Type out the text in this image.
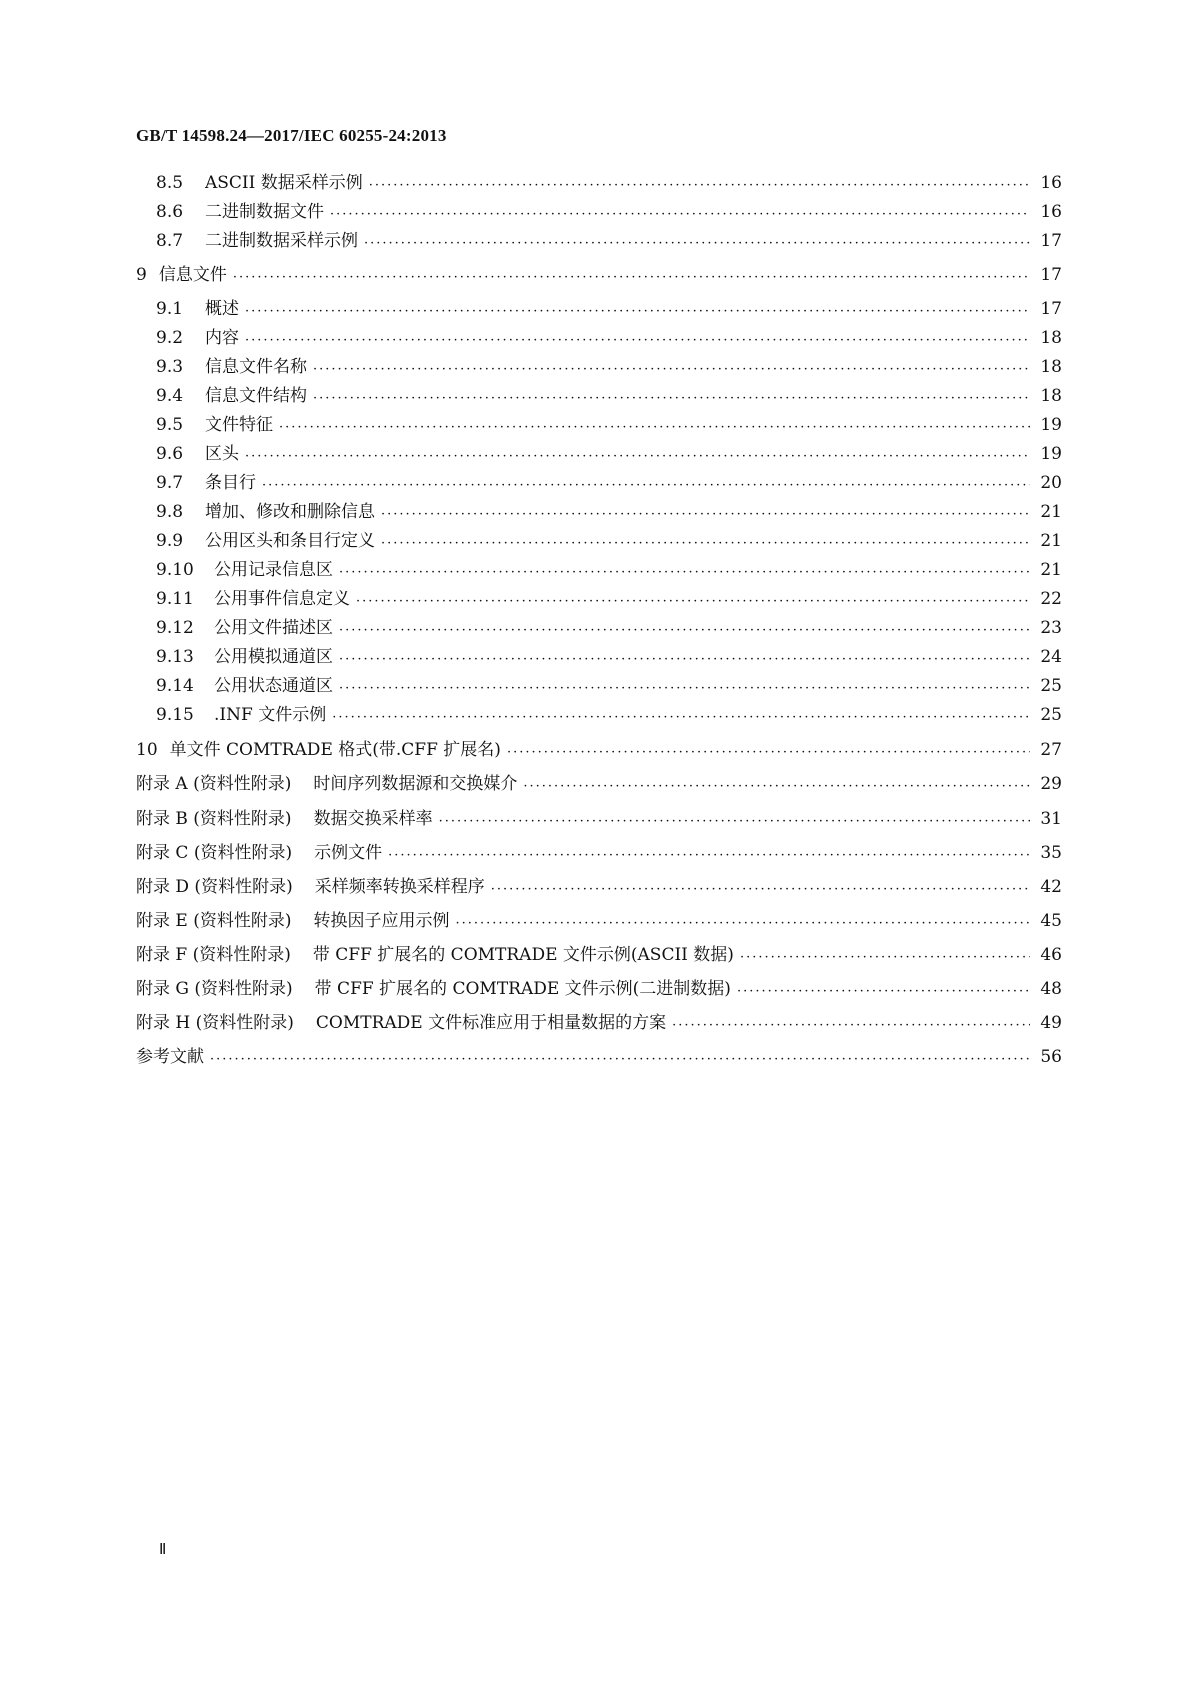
GB/T 14598.24—2017/IEC 60255-24:2013
8.5	ASCII 数据采样示例 ·····	16
8.6	二进制数据文件 ·····	16
8.7	二进制数据采样示例 ·····	17
9 信息文件 ·····	17
9.1	概述 ·····	17
9.2	内容 ·····	18
9.3	信息文件名称 ·····	18
9.4	信息文件结构 ·····	18
9.5	文件特征 ·····	19
9.6	区头 ·····	19
9.7	条目行 ·····	20
9.8	增加、修改和删除信息 ·····	21
9.9	公用区头和条目行定义 ·····	21
9.10	公用记录信息区 ·····	21
9.11	公用事件信息定义 ·····	22
9.12	公用文件描述区 ·····	23
9.13	公用模拟通道区 ·····	24
9.14	公用状态通道区 ·····	25
9.15	.INF 文件示例 ·····	25
10 单文件 COMTRADE 格式(带.CFF 扩展名) ·····	27
附录 A (资料性附录) 时间序列数据源和交换媒介 ·····	29
附录 B (资料性附录) 数据交换采样率 ·····	31
附录 C (资料性附录) 示例文件 ·····	35
附录 D (资料性附录) 采样频率转换采样程序 ·····	42
附录 E (资料性附录) 转换因子应用示例 ·····	45
附录 F (资料性附录) 带 CFF 扩展名的 COMTRADE 文件示例(ASCII 数据) ·····	46
附录 G (资料性附录) 带 CFF 扩展名的 COMTRADE 文件示例(二进制数据) ·····	48
附录 H (资料性附录) COMTRADE 文件标准应用于相量数据的方案 ·····	49
参考文献 ·····	56
Ⅱ
